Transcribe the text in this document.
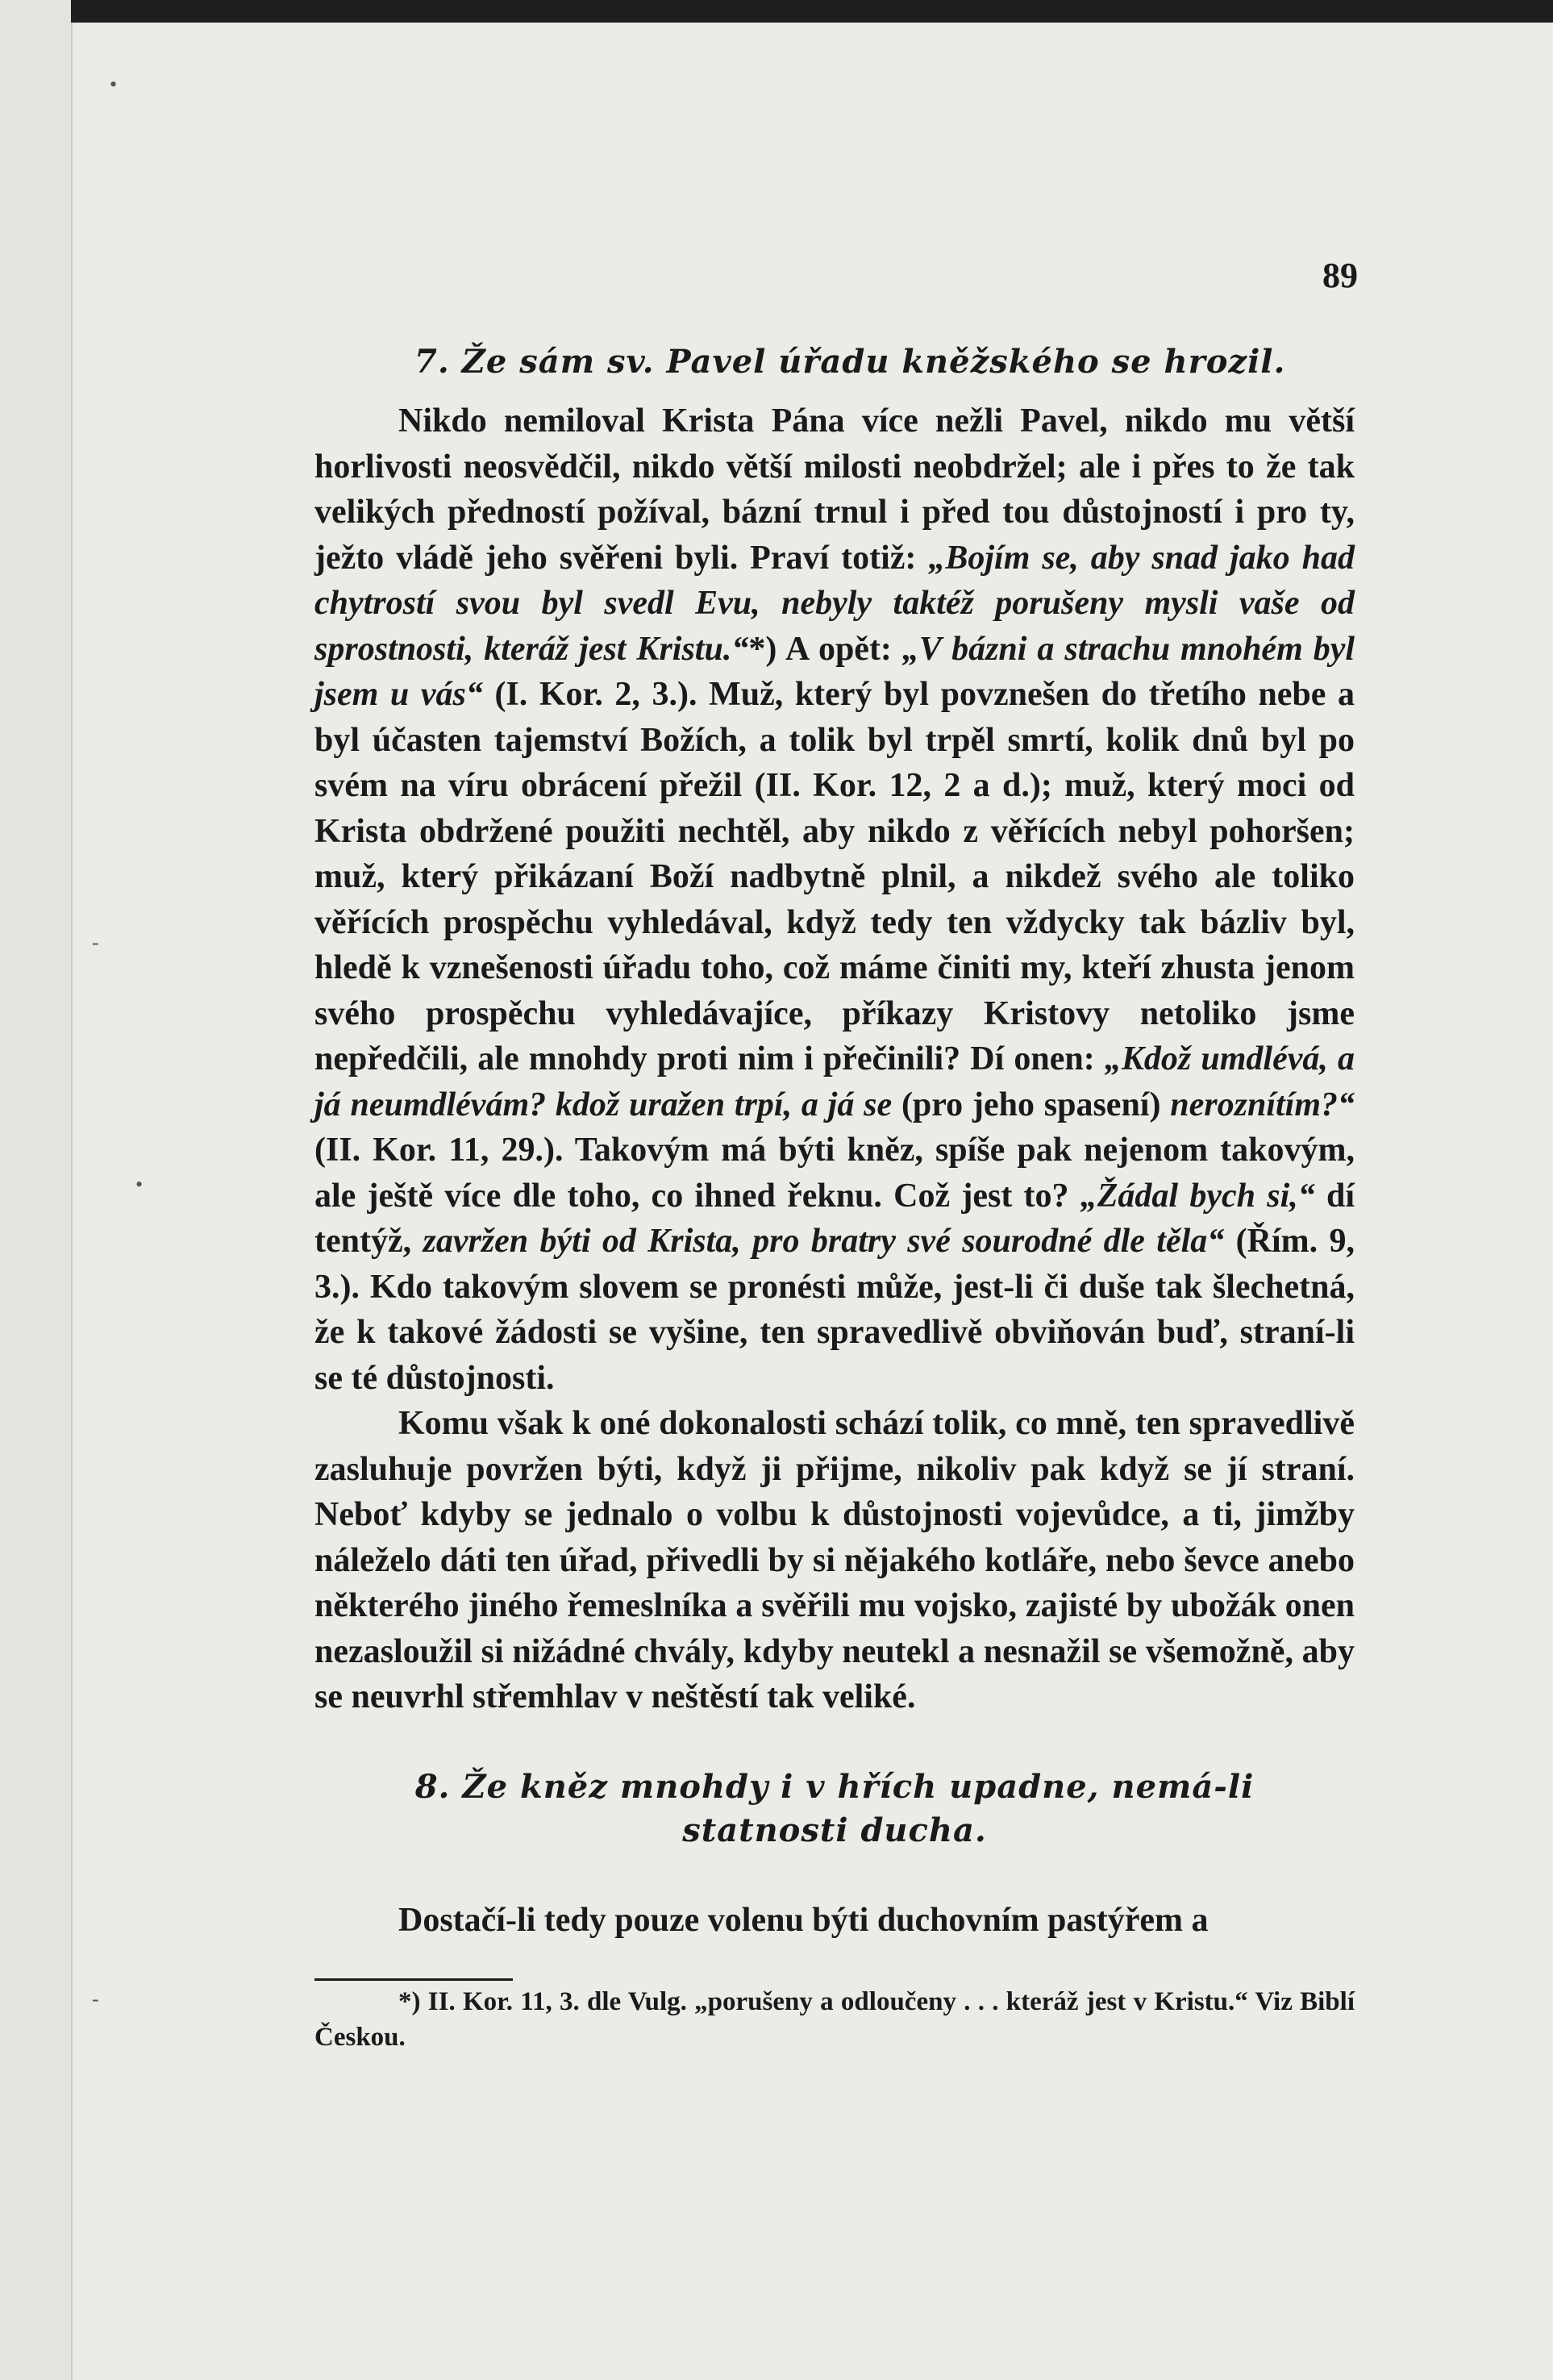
•
•
-
-
89

7. Že sám sv. Pavel úřadu kněžského se hrozil.

Nikdo nemiloval Krista Pána více nežli Pavel, nikdo mu větší horlivosti neosvědčil, nikdo větší milosti neobdržel; ale i přes to že tak velikých předností požíval, bázní trnul i před tou důstojností i pro ty, ježto vládě jeho svěřeni byli. Praví totiž: „Bojím se, aby snad jako had chytrostí svou byl svedl Evu, nebyly taktéž porušeny mysli vaše od sprostnosti, kteráž jest Kristu.“*) A opět: „V bázni a strachu mnohém byl jsem u vás“ (I. Kor. 2, 3.). Muž, který byl povznešen do třetího nebe a byl účasten tajemství Božích, a tolik byl trpěl smrtí, kolik dnů byl po svém na víru obrácení přežil (II. Kor. 12, 2 a d.); muž, který moci od Krista obdržené použiti nechtěl, aby nikdo z věřících nebyl pohoršen; muž, který přikázaní Boží nadbytně plnil, a nikdež svého ale toliko věřících prospěchu vyhledával, když tedy ten vždycky tak bázliv byl, hledě k vznešenosti úřadu toho, což máme činiti my, kteří zhusta jenom svého prospěchu vyhledávajíce, příkazy Kristovy netoliko jsme nepředčili, ale mnohdy proti nim i přečinili? Dí onen: „Kdož umdlévá, a já neumdlévám? kdož uražen trpí, a já se (pro jeho spasení) neroznítím?“ (II. Kor. 11, 29.). Takovým má býti kněz, spíše pak nejenom takovým, ale ještě více dle toho, co ihned řeknu. Což jest to? „Žádal bych si,“ dí tentýž, zavržen býti od Krista, pro bratry své sourodné dle těla“ (Řím. 9, 3.). Kdo takovým slovem se pronésti může, jest-li či duše tak šlechetná, že k takové žádosti se vyšine, ten spravedlivě obviňován buď, straní-li se té důstojnosti.

Komu však k oné dokonalosti schází tolik, co mně, ten spravedlivě zasluhuje povržen býti, když ji přijme, nikoliv pak když se jí straní. Neboť kdyby se jednalo o volbu k důstojnosti vojevůdce, a ti, jimžby náleželo dáti ten úřad, přivedli by si nějakého kotláře, nebo ševce anebo některého jiného řemeslníka a svěřili mu vojsko, zajisté by ubožák onen nezasloužil si nižádné chvály, kdyby neutekl a nesnažil se všemožně, aby se neuvrhl střemhlav v neštěstí tak veliké.

8. Že kněz mnohdy i v hřích upadne, nemá-li statnosti ducha.

Dostačí-li tedy pouze volenu býti duchovním pastýřem a

*) II. Kor. 11, 3. dle Vulg. „porušeny a odloučeny . . . kteráž jest v Kristu.“ Viz Biblí Českou.
